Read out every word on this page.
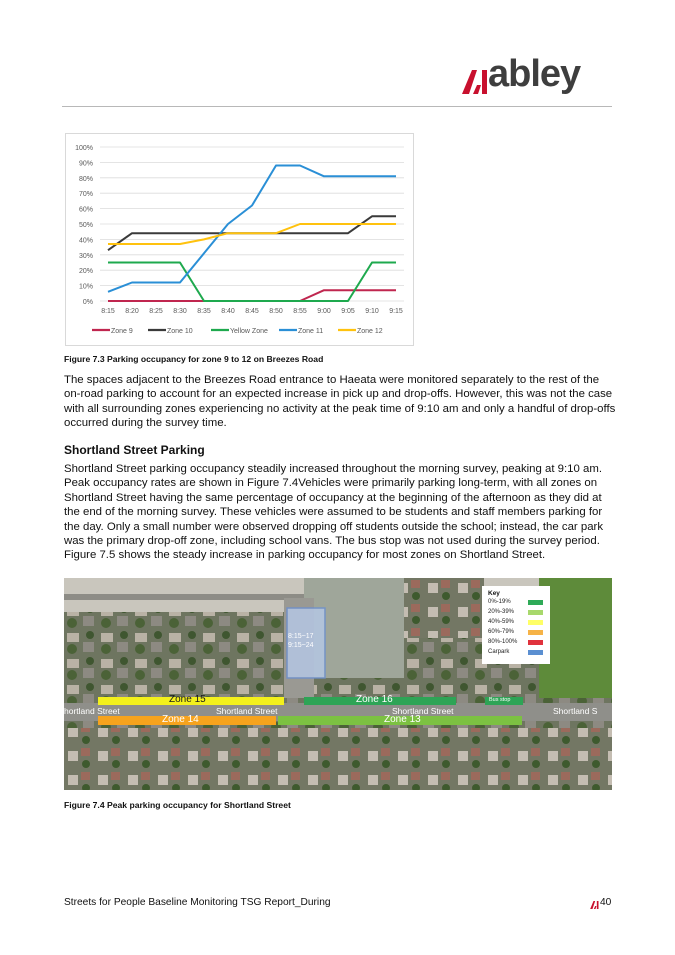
abley
0%
10%
20%
30%
40%
50%
60%
70%
80%
90%
100%
8:15 8:20 8:25 8:30 8:35 8:40 8:45 8:50 8:55 9:00 9:05 9:10 9:15
Zone 9	Zone 10	Yellow Zone	Zone 11	Zone 12
Figure 7.3 Parking occupancy for zone 9 to 12 on Breezes Road

The spaces adjacent to the Breezes Road entrance to Haeata were monitored separately to the rest of the on-road parking to account for an expected increase in pick up and drop-offs. However, this was not the case with all surrounding zones experiencing no activity at the peak time of 9:10 am and only a handful of drop-offs occurred during the survey time.

Shortland Street Parking

Shortland Street parking occupancy steadily increased throughout the morning survey, peaking at 9:10 am. Peak occupancy rates are shown in Figure 7.4Vehicles were primarily parking long-term, with all zones on Shortland Street having the same percentage of occupancy at the beginning of the afternoon as they did at the end of the morning survey. These vehicles were assumed to be students and staff members parking for the day. Only a small number were observed dropping off students outside the school; instead, the car park was the primary drop-off zone, including school vans. The bus stop was not used during the survey period. Figure 7.5 shows the steady increase in parking occupancy for most zones on Shortland Street.

8:15~17
9:15~24
Key
0%-19%
20%-39%
40%-59%
60%-79%
80%-100%
Carpark
Zone 15	Zone 16	Bus stop
hortland Street	Shortland Street	Shortland Street	Shortland S
Zone 14	Zone 13
Figure 7.4 Peak parking occupancy for Shortland Street
Streets for People Baseline Monitoring TSG Report_During	40
